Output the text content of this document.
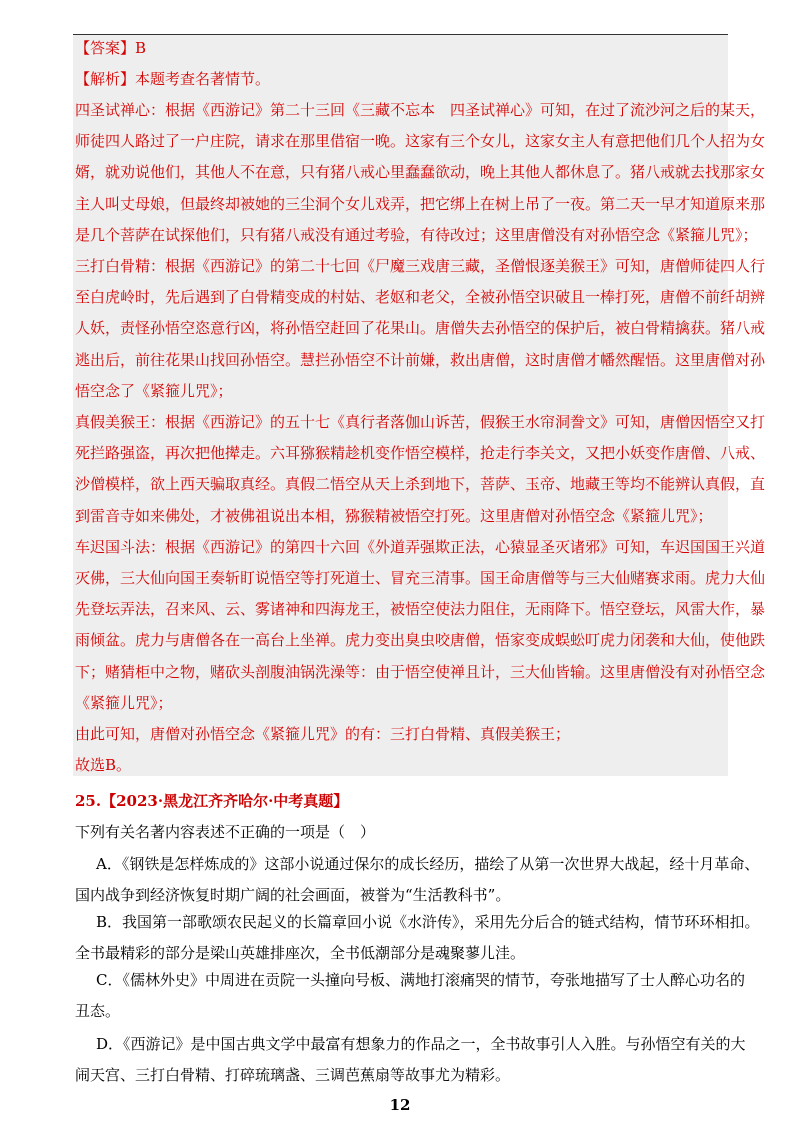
【答案】B
【解析】本题考查名著情节。
四圣试禅心：根据《西游记》第二十三回《三藏不忘本　四圣试禅心》可知，在过了流沙河之后的某天，
师徒四人路过了一户庄院，请求在那里借宿一晚。这家有三个女儿，这家女主人有意把他们几个人招为女
婿，就劝说他们，其他人不在意，只有猪八戒心里蠢蠢欲动，晚上其他人都休息了。猪八戒就去找那家女
主人叫丈母娘，但最终却被她的三尘洞个女儿戏弄，把它绑上在树上吊了一夜。第二天一早才知道原来那
是几个菩萨在试探他们，只有猪八戒没有通过考验，有待改过；这里唐僧没有对孙悟空念《紧箍儿咒》；
三打白骨精：根据《西游记》的第二十七回《尸魔三戏唐三藏，圣僧恨逐美猴王》可知，唐僧师徒四人行
至白虎岭时，先后遇到了白骨精变成的村姑、老妪和老父，全被孙悟空识破且一棒打死，唐僧不前纤胡辨
人妖，责怪孙悟空恣意行凶，将孙悟空赶回了花果山。唐僧失去孙悟空的保护后，被白骨精擒获。猪八戒
逃出后，前往花果山找回孙悟空。慧拦孙悟空不计前嫌，救出唐僧，这时唐僧才幡然醒悟。这里唐僧对孙
悟空念了《紧箍儿咒》；
真假美猴王：根据《西游记》的五十七《真行者落伽山诉苦，假猴王水帘洞誊文》可知，唐僧因悟空又打
死拦路强盗，再次把他撵走。六耳猕猴精趁机变作悟空模样，抢走行李关文，又把小妖变作唐僧、八戒、
沙僧模样，欲上西天骗取真经。真假二悟空从天上杀到地下，菩萨、玉帝、地藏王等均不能辨认真假，直
到雷音寺如来佛处，才被佛祖说出本相，猕猴精被悟空打死。这里唐僧对孙悟空念《紧箍儿咒》；
车迟国斗法：根据《西游记》的第四十六回《外道弄强欺正法，心猿显圣灭诸邪》可知，车迟国国王兴道
灭佛，三大仙向国王奏斩盯说悟空等打死道士、冒充三清事。国王命唐僧等与三大仙赌赛求雨。虎力大仙
先登坛弄法，召来风、云、雾诸神和四海龙王，被悟空使法力阻住，无雨降下。悟空登坛，风雷大作，暴
雨倾盆。虎力与唐僧各在一高台上坐禅。虎力变出臭虫咬唐僧，悟家变成蜈蚣叮虎力闭袭和大仙，使他跌
下；赌猜柜中之物，赌砍头剖腹油锅洗澡等：由于悟空使禅且计，三大仙皆输。这里唐僧没有对孙悟空念
《紧箍儿咒》；
由此可知，唐僧对孙悟空念《紧箍儿咒》的有：三打白骨精、真假美猴王；
故选B。
25.【2023·黑龙江齐齐哈尔·中考真题】
下列有关名著内容表述不正确的一项是（　）
A．《钢铁是怎样炼成的》这部小说通过保尔的成长经历，描绘了从第一次世界大战起，经十月革命、
国内战争到经济恢复时期广阔的社会画面，被誉为“生活教科书”。
B．我国第一部歌颂农民起义的长篇章回小说《水浒传》，采用先分后合的链式结构，情节环环相扣。
全书最精彩的部分是梁山英雄排座次，全书低潮部分是魂聚蓼儿洼。
C．《儒林外史》中周进在贡院一头撞向号板、满地打滚痛哭的情节，夸张地描写了士人醉心功名的
丑态。
D．《西游记》是中国古典文学中最富有想象力的作品之一，全书故事引人入胜。与孙悟空有关的大
闹天宫、三打白骨精、打碎琉璃盏、三调芭蕉扇等故事尤为精彩。
12
